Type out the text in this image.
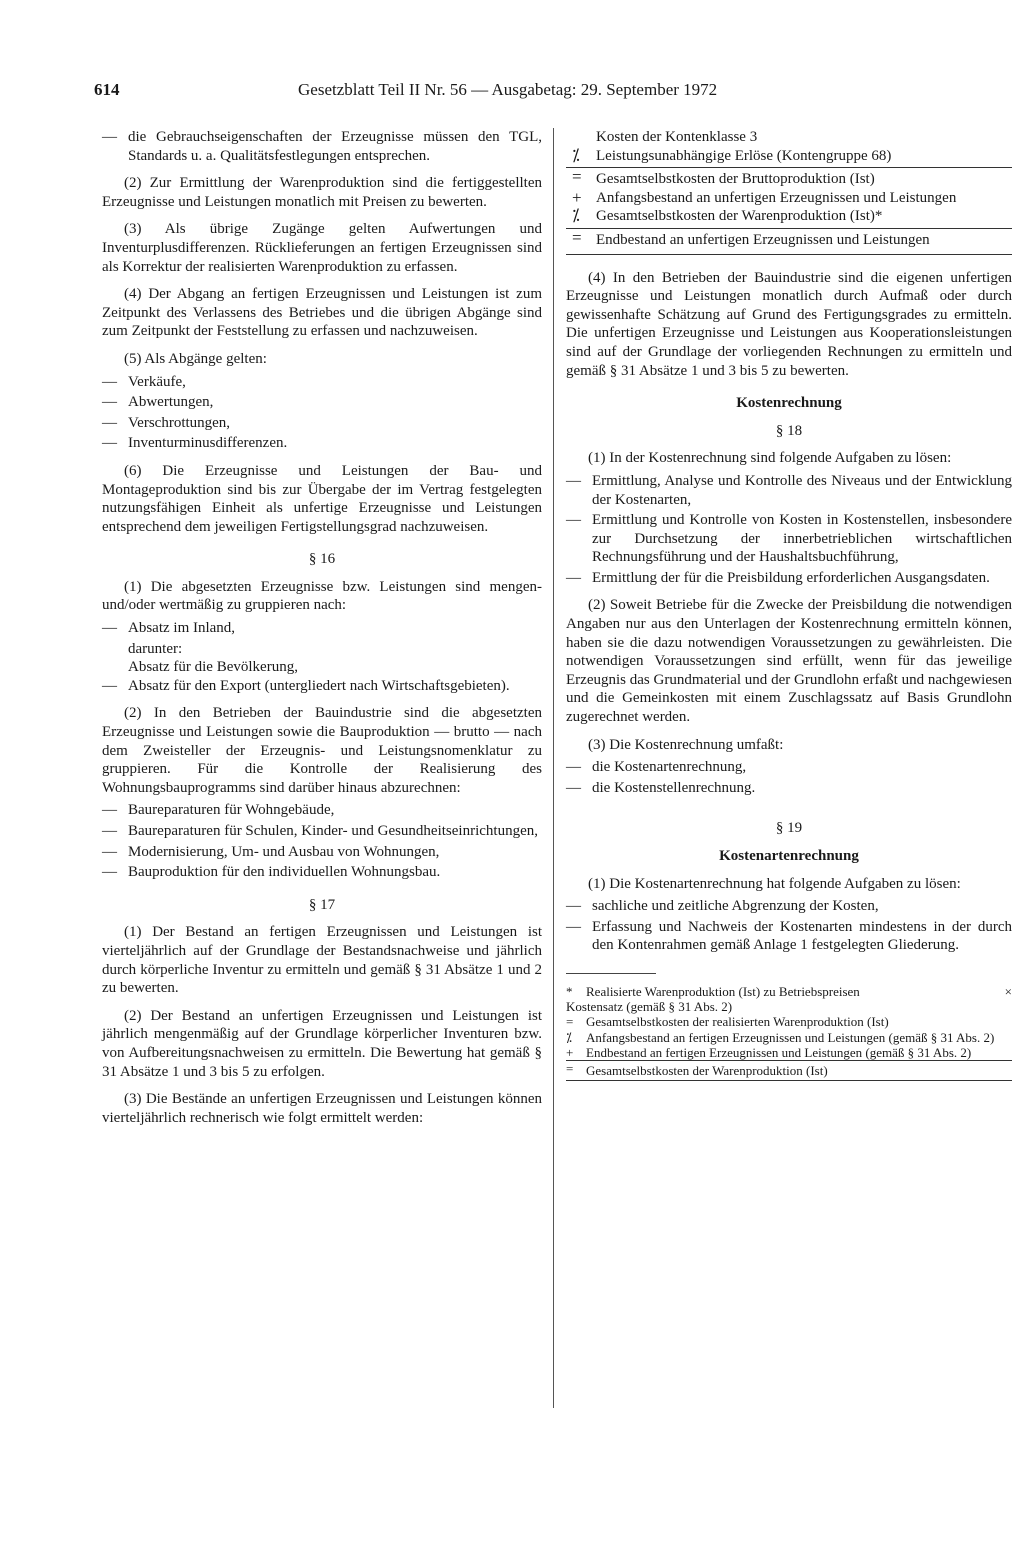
614	Gesetzblatt Teil II Nr. 56 — Ausgabetag: 29. September 1972
— die Gebrauchseigenschaften der Erzeugnisse müssen den TGL, Standards u. a. Qualitätsfestlegungen entsprechen.

(2) Zur Ermittlung der Warenproduktion sind die fertiggestellten Erzeugnisse und Leistungen monatlich mit Preisen zu bewerten.

(3) Als übrige Zugänge gelten Aufwertungen und Inventurplusdifferenzen. Rücklieferungen an fertigen Erzeugnissen sind als Korrektur der realisierten Warenproduktion zu erfassen.

(4) Der Abgang an fertigen Erzeugnissen und Leistungen ist zum Zeitpunkt des Verlassens des Betriebes und die übrigen Abgänge sind zum Zeitpunkt der Feststellung zu erfassen und nachzuweisen.

(5) Als Abgänge gelten:

— Verkäufe,
— Abwertungen,
— Verschrottungen,
— Inventurminusdifferenzen.

(6) Die Erzeugnisse und Leistungen der Bau- und Montageproduktion sind bis zur Übergabe der im Vertrag festgelegten nutzungsfähigen Einheit als unfertige Erzeugnisse und Leistungen entsprechend dem jeweiligen Fertigstellungsgrad nachzuweisen.

§ 16

(1) Die abgesetzten Erzeugnisse bzw. Leistungen sind mengen- und/oder wertmäßig zu gruppieren nach:

— Absatz im Inland,
darunter:
Absatz für die Bevölkerung,
— Absatz für den Export (untergliedert nach Wirtschaftsgebieten).

(2) In den Betrieben der Bauindustrie sind die abgesetzten Erzeugnisse und Leistungen sowie die Bauproduktion — brutto — nach dem Zweisteller der Erzeugnis- und Leistungsnomenklatur zu gruppieren. Für die Kontrolle der Realisierung des Wohnungsbauprogramms sind darüber hinaus abzurechnen:

— Baureparaturen für Wohngebäude,
— Baureparaturen für Schulen, Kinder- und Gesundheitseinrichtungen,
— Modernisierung, Um- und Ausbau von Wohnungen,
— Bauproduktion für den individuellen Wohnungsbau.
§ 17

(1) Der Bestand an fertigen Erzeugnissen und Leistungen ist vierteljährlich auf der Grundlage der Bestandsnachweise und jährlich durch körperliche Inventur zu ermitteln und gemäß § 31 Absätze 1 und 2 zu bewerten.

(2) Der Bestand an unfertigen Erzeugnissen und Leistungen ist jährlich mengenmäßig auf der Grundlage körperlicher Inventuren bzw. von Aufbereitungsnachweisen zu ermitteln. Die Bewertung hat gemäß § 31 Absätze 1 und 3 bis 5 zu erfolgen.

(3) Die Bestände an unfertigen Erzeugnissen und Leistungen können vierteljährlich rechnerisch wie folgt ermittelt werden:

Kosten der Kontenklasse 3
⁒ Leistungsunabhängige Erlöse (Kontengruppe 68)
= Gesamtselbstkosten der Bruttoproduktion (Ist)
+ Anfangsbestand an unfertigen Erzeugnissen und Leistungen
⁒ Gesamtselbstkosten der Warenproduktion (Ist)*
= Endbestand an unfertigen Erzeugnissen und Leistungen

(4) In den Betrieben der Bauindustrie sind die eigenen unfertigen Erzeugnisse und Leistungen monatlich durch Aufmaß oder durch gewissenhafte Schätzung auf Grund des Fertigungsgrades zu ermitteln. Die unfertigen Erzeugnisse und Leistungen aus Kooperationsleistungen sind auf der Grundlage der vorliegenden Rechnungen zu ermitteln und gemäß § 31 Absätze 1 und 3 bis 5 zu bewerten.

Kostenrechnung
§ 18

(1) In der Kostenrechnung sind folgende Aufgaben zu lösen:

— Ermittlung, Analyse und Kontrolle des Niveaus und der Entwicklung der Kostenarten,
— Ermittlung und Kontrolle von Kosten in Kostenstellen, insbesondere zur Durchsetzung der innerbetrieblichen wirtschaftlichen Rechnungsführung und der Haushaltsbuchführung,
— Ermittlung der für die Preisbildung erforderlichen Ausgangsdaten.

(2) Soweit Betriebe für die Zwecke der Preisbildung die notwendigen Angaben nur aus den Unterlagen der Kostenrechnung ermitteln können, haben sie die dazu notwendigen Voraussetzungen zu gewährleisten. Die notwendigen Voraussetzungen sind erfüllt, wenn für das jeweilige Erzeugnis das Grundmaterial und der Grundlohn erfaßt und nachgewiesen und die Gemeinkosten mit einem Zuschlagssatz auf Basis Grundlohn zugerechnet werden.

(3) Die Kostenrechnung umfaßt:

— die Kostenartenrechnung,
— die Kostenstellenrechnung.
§ 19
Kostenartenrechnung

(1) Die Kostenartenrechnung hat folgende Aufgaben zu lösen:

— sachliche und zeitliche Abgrenzung der Kosten,
— Erfassung und Nachweis der Kostenarten mindestens in der durch den Kontenrahmen gemäß Anlage 1 festgelegten Gliederung.
* Realisierte Warenproduktion (Ist) zu Betriebspreisen	×
Kostensatz (gemäß § 31 Abs. 2)
= Gesamtselbstkosten der realisierten Warenproduktion (Ist)
⁒ Anfangsbestand an fertigen Erzeugnissen und Leistungen (gemäß § 31 Abs. 2)
+ Endbestand an fertigen Erzeugnissen und Leistungen (gemäß § 31 Abs. 2)
= Gesamtselbstkosten der Warenproduktion (Ist)
